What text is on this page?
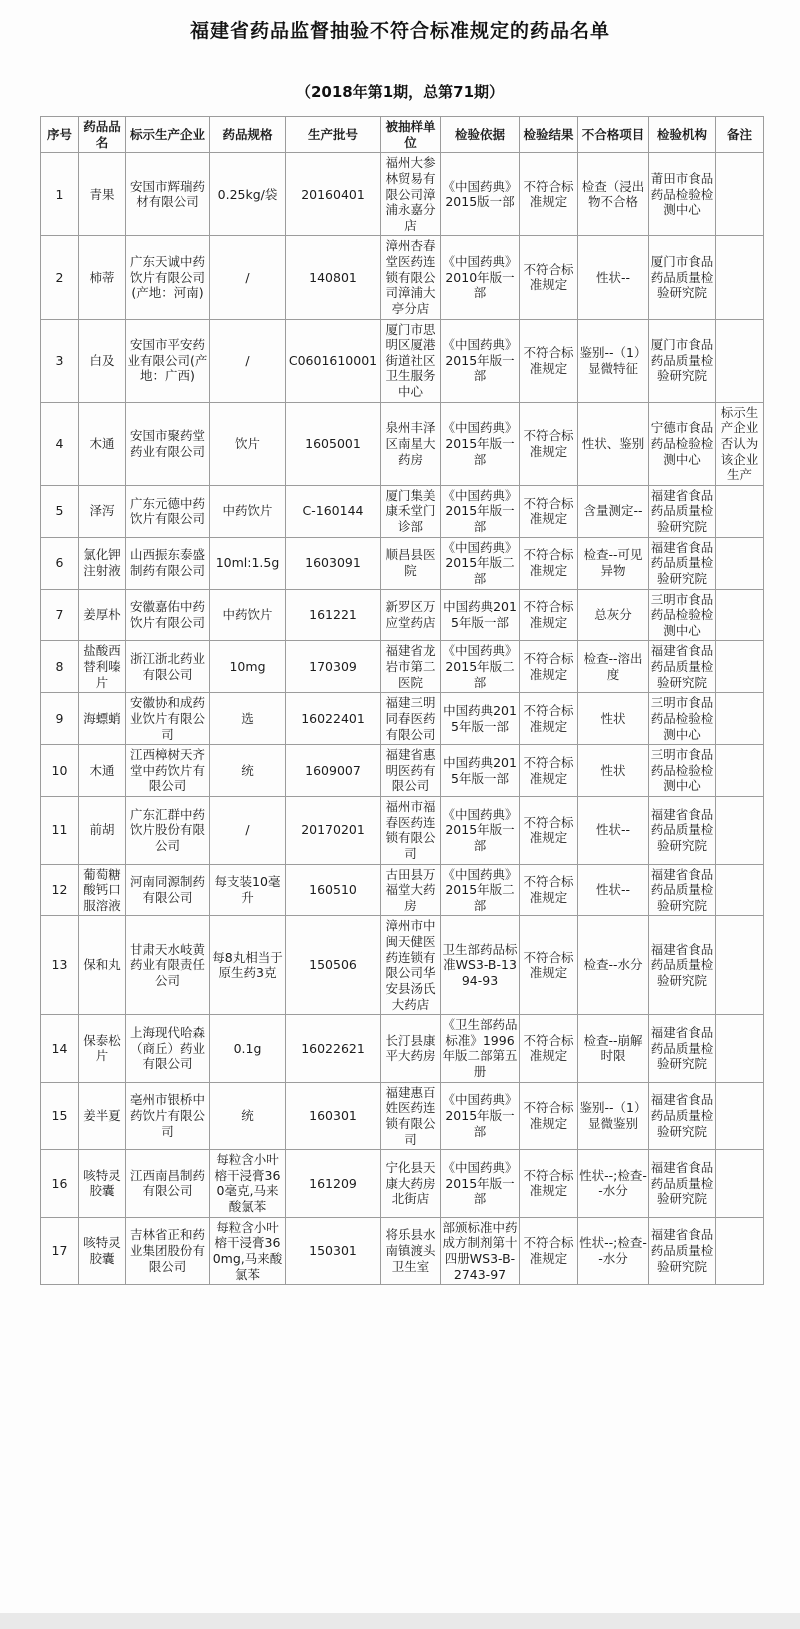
福建省药品监督抽验不符合标准规定的药品名单
（2018年第1期，总第71期）
序号	药品品名	标示生产企业	药品规格	生产批号	被抽样单位	检验依据	检验结果	不合格项目	检验机构	备注
1	青果	安国市辉瑞药材有限公司	0.25kg/袋	20160401	福州大参林贸易有限公司漳浦永嘉分店	《中国药典》2015版一部	不符合标准规定	检查（浸出物不合格	莆田市食品药品检验检测中心	
2	柿蒂	广东天诚中药饮片有限公司(产地：河南)	/	140801	漳州杏春堂医药连锁有限公司漳浦大亭分店	《中国药典》2010年版一部	不符合标准规定	性状--	厦门市食品药品质量检验研究院	
3	白及	安国市平安药业有限公司(产地：广西)	/	C0601610001	厦门市思明区厦港街道社区卫生服务中心	《中国药典》2015年版一部	不符合标准规定	鉴别--（1）显微特征	厦门市食品药品质量检验研究院	
4	木通	安国市聚药堂药业有限公司	饮片	1605001	泉州丰泽区南星大药房	《中国药典》2015年版一部	不符合标准规定	性状、鉴别	宁德市食品药品检验检测中心	标示生产企业否认为该企业生产
5	泽泻	广东元德中药饮片有限公司	中药饮片	C-160144	厦门集美康禾堂门诊部	《中国药典》2015年版一部	不符合标准规定	含量测定--	福建省食品药品质量检验研究院	
6	氯化钾注射液	山西振东泰盛制药有限公司	10ml:1.5g	1603091	顺昌县医院	《中国药典》2015年版二部	不符合标准规定	检查--可见异物	福建省食品药品质量检验研究院	
7	姜厚朴	安徽嘉佑中药饮片有限公司	中药饮片	161221	新罗区万应堂药店	中国药典2015年版一部	不符合标准规定	总灰分	三明市食品药品检验检测中心	
8	盐酸西替利嗪片	浙江浙北药业有限公司	10mg	170309	福建省龙岩市第二医院	《中国药典》2015年版二部	不符合标准规定	检查--溶出度	福建省食品药品质量检验研究院	
9	海螵蛸	安徽协和成药业饮片有限公司	选	16022401	福建三明同春医药有限公司	中国药典2015年版一部	不符合标准规定	性状	三明市食品药品检验检测中心	
10	木通	江西樟树天齐堂中药饮片有限公司	统	1609007	福建省惠明医药有限公司	中国药典2015年版一部	不符合标准规定	性状	三明市食品药品检验检测中心	
11	前胡	广东汇群中药饮片股份有限公司	/	20170201	福州市福春医药连锁有限公司	《中国药典》2015年版一部	不符合标准规定	性状--	福建省食品药品质量检验研究院	
12	葡萄糖酸钙口服溶液	河南同源制药有限公司	每支装10毫升	160510	古田县万福堂大药房	《中国药典》2015年版二部	不符合标准规定	性状--	福建省食品药品质量检验研究院	
13	保和丸	甘肃天水岐黄药业有限责任公司	每8丸相当于原生药3克	150506	漳州市中闽天健医药连锁有限公司华安县汤氏大药店	卫生部药品标准WS3-B-1394-93	不符合标准规定	检查--水分	福建省食品药品质量检验研究院	
14	保泰松片	上海现代哈森（商丘）药业有限公司	0.1g	16022621	长汀县康平大药房	《卫生部药品标准》1996年版二部第五册	不符合标准规定	检查--崩解时限	福建省食品药品质量检验研究院	
15	姜半夏	亳州市银桥中药饮片有限公司	统	160301	福建惠百姓医药连锁有限公司	《中国药典》2015年版一部	不符合标准规定	鉴别--（1）显微鉴别	福建省食品药品质量检验研究院	
16	咳特灵胶囊	江西南昌制药有限公司	每粒含小叶榕干浸膏360毫克,马来酸氯苯	161209	宁化县天康大药房北街店	《中国药典》2015年版一部	不符合标准规定	性状--;检查--水分	福建省食品药品质量检验研究院	
17	咳特灵胶囊	吉林省正和药业集团股份有限公司	每粒含小叶榕干浸膏360mg,马来酸氯苯	150301	将乐县水南镇渡头卫生室	部颁标准中药成方制剂第十四册WS3-B-2743-97	不符合标准规定	性状--;检查--水分	福建省食品药品质量检验研究院	
